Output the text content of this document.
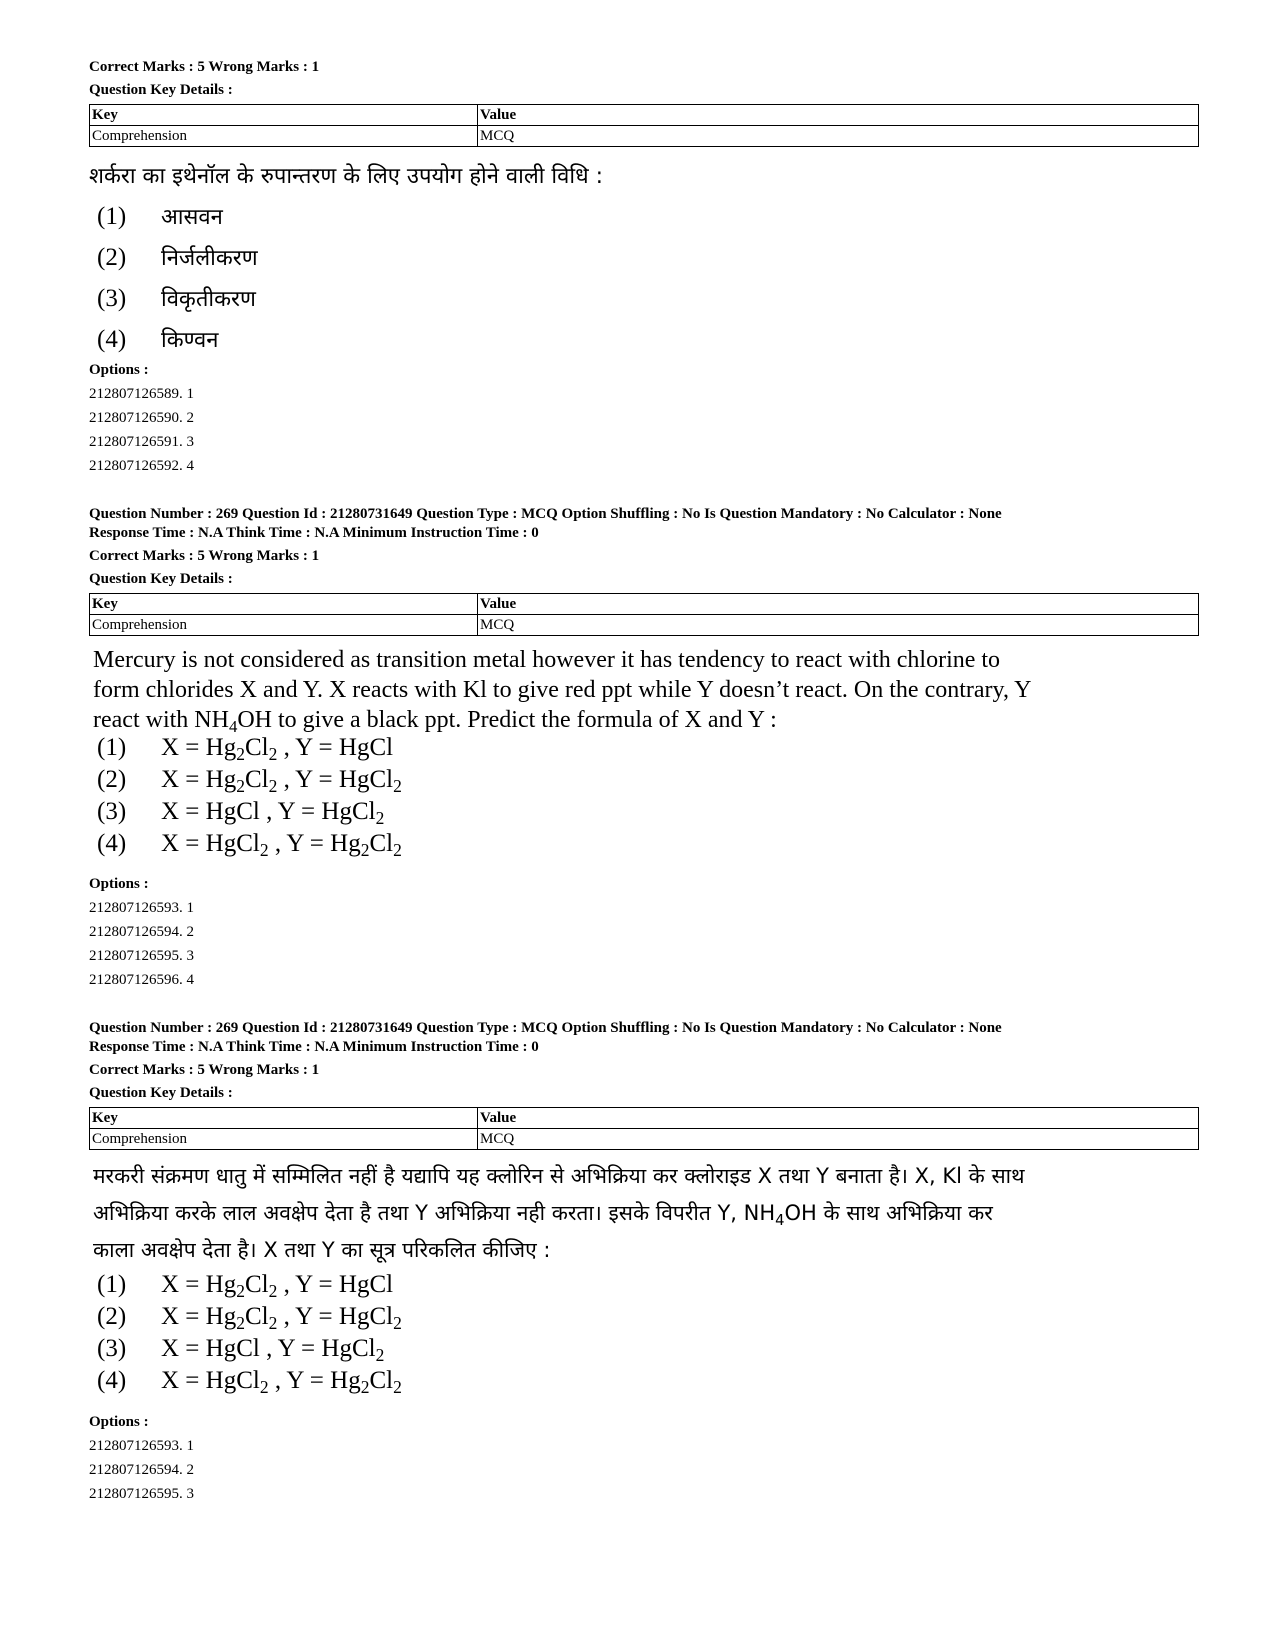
Correct Marks : 5 Wrong Marks : 1
Question Key Details :
Key	Value
Comprehension	MCQ
शर्करा का इथेनॉल के रुपान्तरण के लिए उपयोग होने वाली विधि :
(1) आसवन
(2) निर्जलीकरण
(3) विकृतीकरण
(4) किण्वन
Options :
212807126589. 1
212807126590. 2
212807126591. 3
212807126592. 4
Question Number : 269 Question Id : 21280731649 Question Type : MCQ Option Shuffling : No Is Question Mandatory : No Calculator : None
Response Time : N.A Think Time : N.A Minimum Instruction Time : 0
Correct Marks : 5 Wrong Marks : 1
Question Key Details :
Key	Value
Comprehension	MCQ
Mercury is not considered as transition metal however it has tendency to react with chlorine to
form chlorides X and Y. X reacts with Kl to give red ppt while Y doesn’t react. On the contrary, Y
react with $NH_4OH$ to give a black ppt. Predict the formula of X and Y :
(1) $X = Hg_2Cl_2$ , Y = HgCl
(2) $X = Hg_2Cl_2$ , Y = HgCl$_2$
(3) X = HgCl , Y = HgCl$_2$
(4) X = HgCl$_2$ , $Y = Hg_2Cl_2$
Options :
212807126593. 1
212807126594. 2
212807126595. 3
212807126596. 4
Question Number : 269 Question Id : 21280731649 Question Type : MCQ Option Shuffling : No Is Question Mandatory : No Calculator : None
Response Time : N.A Think Time : N.A Minimum Instruction Time : 0
Correct Marks : 5 Wrong Marks : 1
Question Key Details :
Key	Value
Comprehension	MCQ
मरकरी संक्रमण धातु में सम्मिलित नहीं है यद्यापि यह क्लोरिन से अभिक्रिया कर क्लोराइड X तथा Y बनाता है। X, Kl के साथ
अभिक्रिया करके लाल अवक्षेप देता है तथा Y अभिक्रिया नही करता। इसके विपरीत Y, $NH_4OH$ के साथ अभिक्रिया कर
काला अवक्षेप देता है। X तथा Y का सूत्र परिकलित कीजिए :
(1) $X = Hg_2Cl_2$ , Y = HgCl
(2) $X = Hg_2Cl_2$ , Y = HgCl$_2$
(3) X = HgCl , Y = HgCl$_2$
(4) X = HgCl$_2$ , $Y = Hg_2Cl_2$
Options :
212807126593. 1
212807126594. 2
212807126595. 3
